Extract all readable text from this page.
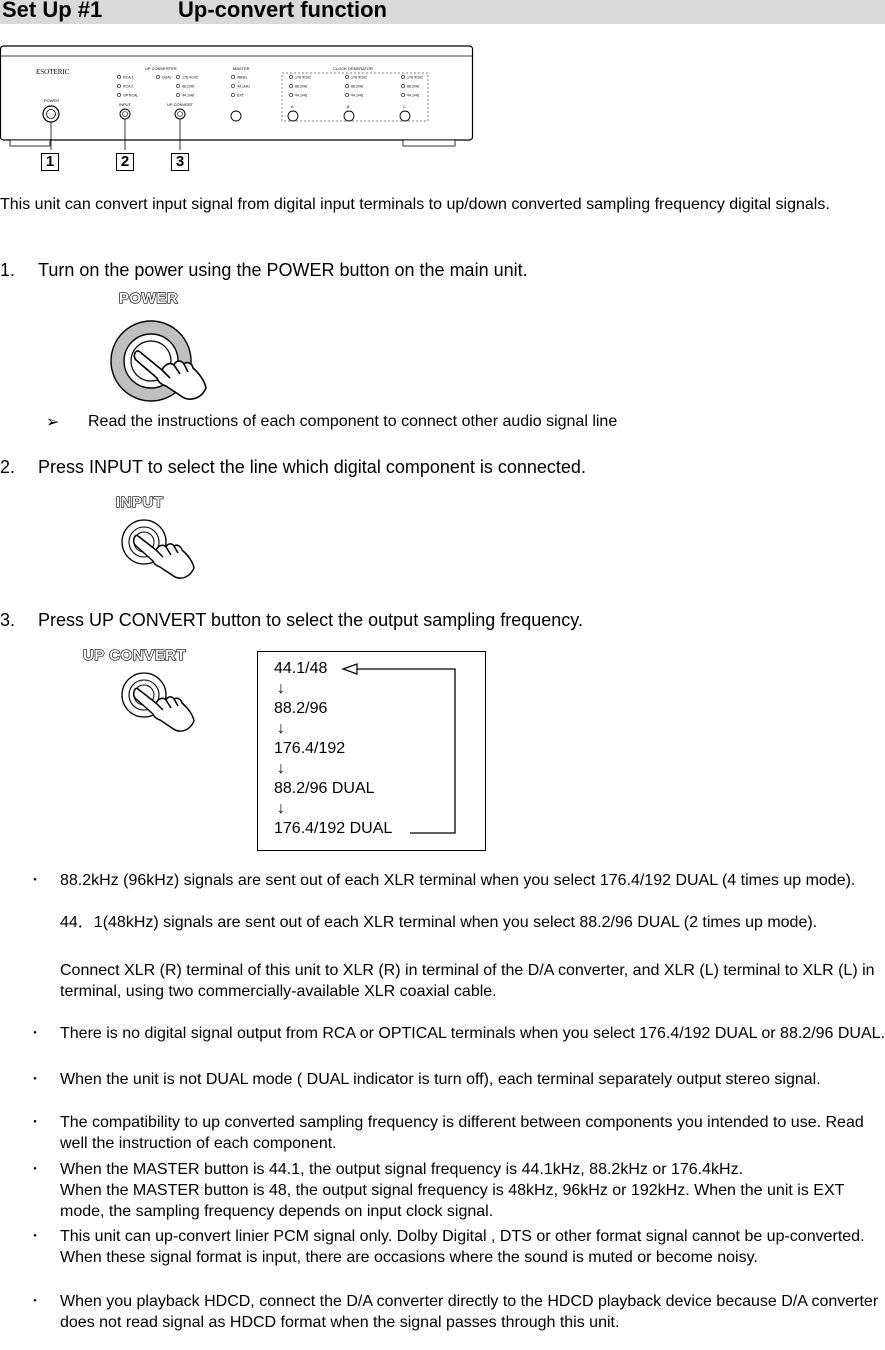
Set Up #1	Up-convert function
ESOTERIC
POWER
INPUT	UP CONVERT
UP CONVERTER	MASTER	CLOCK GENERATOR
RCA 1
RCA 2
OPTICAL
DUAL	176.4/192
88.2/96
44.1/48
48kHz
44.1kHz
EXT
176.4/192
88.2/96
44.1/48
176.4/192
88.2/96
44.1/48
176.4/192
88.2/96
44.1/48
A	B	C
1	2	3
This unit can convert input signal from digital input terminals to up/down converted sampling frequency digital signals.
1. Turn on the power using the POWER button on the main unit.
POWER
➢ Read the instructions of each component to connect other audio signal line
2. Press INPUT to select the line which digital component is connected.
INPUT
3. Press UP CONVERT button to select the output sampling frequency.
UP CONVERT
44.1/48
↓
88.2/96
↓
176.4/192
↓
88.2/96 DUAL
↓
176.4/192 DUAL
・ 88.2kHz (96kHz) signals are sent out of each XLR terminal when you select 176.4/192 DUAL (4 times up mode).
44．1(48kHz) signals are sent out of each XLR terminal when you select 88.2/96 DUAL (2 times up mode).
Connect XLR (R) terminal of this unit to XLR (R) in terminal of the D/A converter, and XLR (L) terminal to XLR (L) in terminal, using two commercially-available XLR coaxial cable.
・ There is no digital signal output from RCA or OPTICAL terminals when you select 176.4/192 DUAL or 88.2/96 DUAL.
・ When the unit is not DUAL mode ( DUAL indicator is turn off), each terminal separately output stereo signal.
・ The compatibility to up converted sampling frequency is different between components you intended to use. Read well the instruction of each component.
・ When the MASTER button is 44.1, the output signal frequency is 44.1kHz, 88.2kHz or 176.4kHz.
When the MASTER button is 48, the output signal frequency is 48kHz, 96kHz or 192kHz. When the unit is EXT mode, the sampling frequency depends on input clock signal.
・ This unit can up-convert linier PCM signal only. Dolby Digital , DTS or other format signal cannot be up-converted. When these signal format is input, there are occasions where the sound is muted or become noisy.
・ When you playback HDCD, connect the D/A converter directly to the HDCD playback device because D/A converter does not read signal as HDCD format when the signal passes through this unit.
